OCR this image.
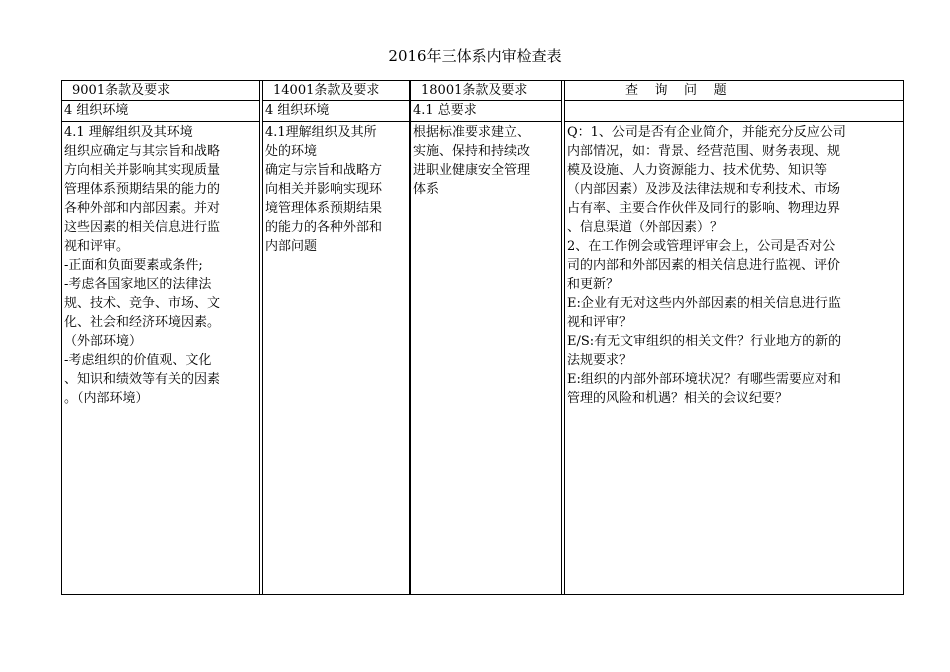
2016年三体系内审检查表
9001条款及要求
4 组织环境
4.1 理解组织及其环境
组织应确定与其宗旨和战略
方向相关并影响其实现质量
管理体系预期结果的能力的
各种外部和内部因素。并对
这些因素的相关信息进行监
视和评审。
-正面和负面要素或条件;
-考虑各国家地区的法律法
规、技术、竞争、市场、文
化、社会和经济环境因素。
（外部环境）
-考虑组织的价值观、文化
、知识和绩效等有关的因素
。（内部环境）
14001条款及要求
4 组织环境
4.1理解组织及其所
处的环境
确定与宗旨和战略方
向相关并影响实现环
境管理体系预期结果
的能力的各种外部和
内部问题
18001条款及要求
4.1 总要求
根据标准要求建立、
实施、保持和持续改
进职业健康安全管理
体系
查    询    问    题
Q：1、公司是否有企业简介，并能充分反应公司
内部情况，如：背景、经营范围、财务表现、规
模及设施、人力资源能力、技术优势、知识等
（内部因素）及涉及法律法规和专利技术、市场
占有率、主要合作伙伴及同行的影响、物理边界
、信息渠道（外部因素）？
2、在工作例会或管理评审会上，公司是否对公
司的内部和外部因素的相关信息进行监视、评价
和更新？
E:企业有无对这些内外部因素的相关信息进行监
视和评审？
E/S:有无文审组织的相关文件？行业地方的新的
法规要求？
E:组织的内部外部环境状况？有哪些需要应对和
管理的风险和机遇？相关的会议纪要？
